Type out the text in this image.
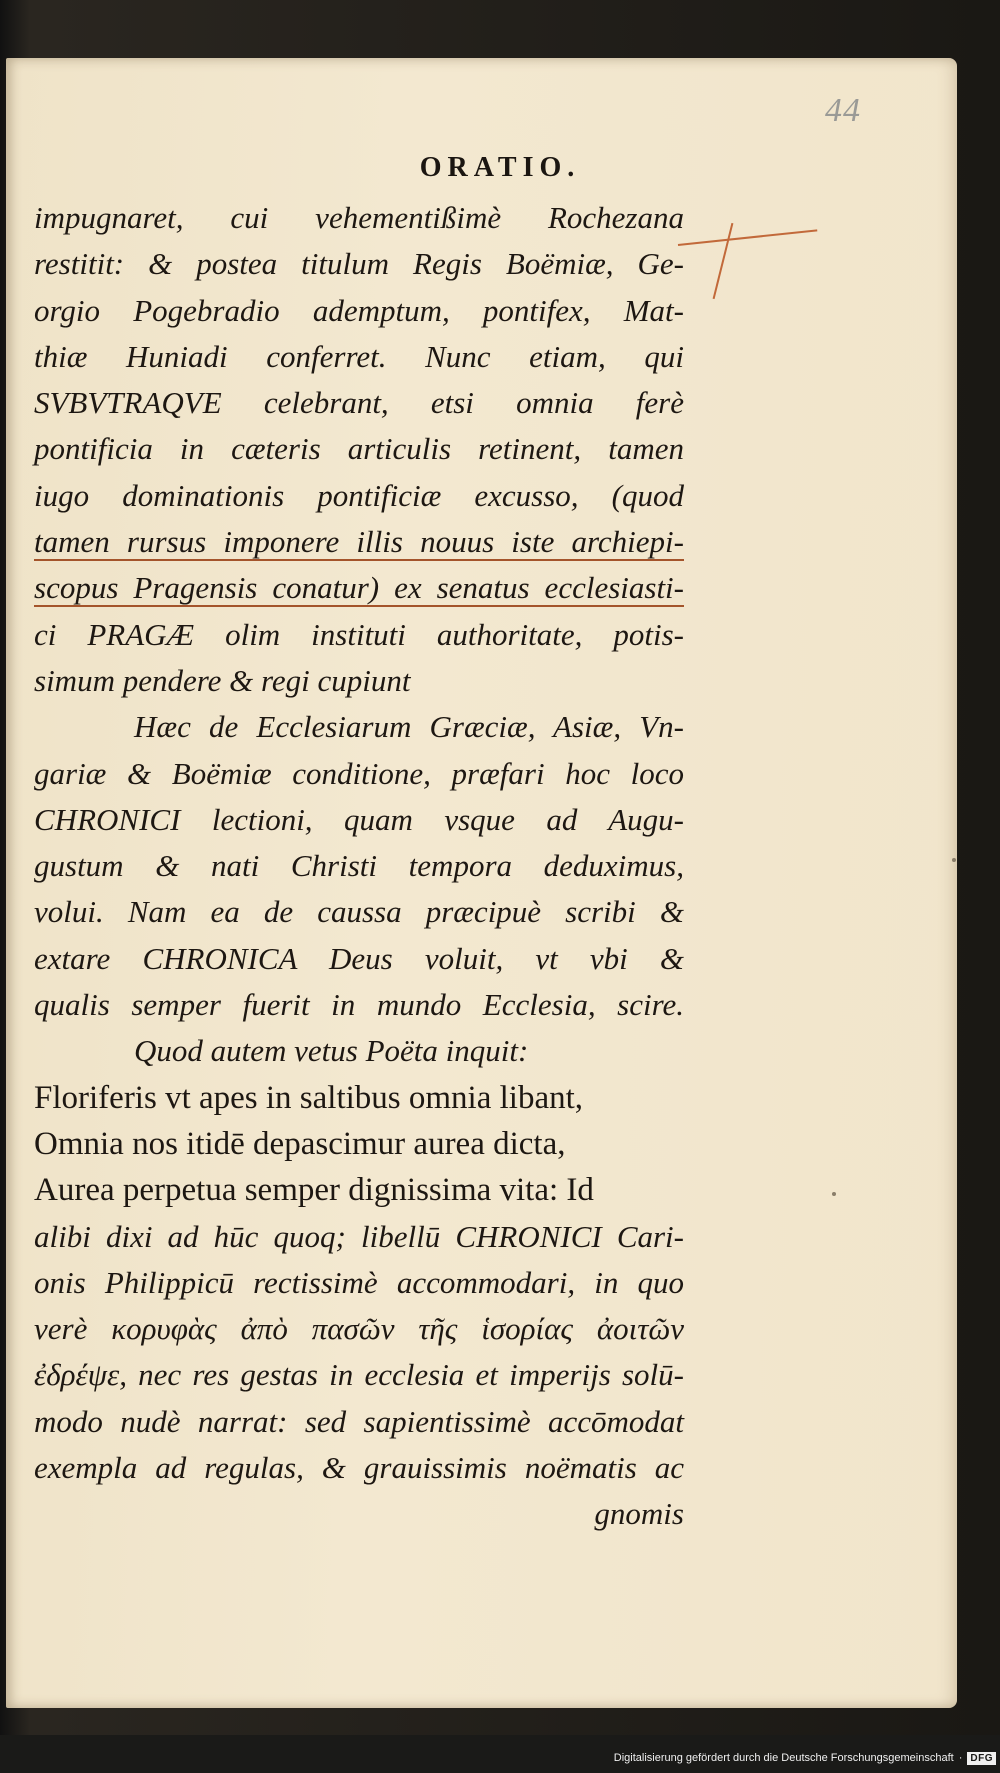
44
ORATIO.
impugnaret, cui vehementißimè Rochezana
restitit: & postea titulum Regis Boëmiæ, Ge-
orgio Pogebradio ademptum, pontifex, Mat-
thiæ Huniadi conferret. Nunc etiam, qui
SVBVTRAQVE celebrant, etsi omnia ferè
pontificia in cæteris articulis retinent, tamen
iugo dominationis pontificiæ excusso, (quod
tamen rursus imponere illis nouus iste archiepi-
scopus Pragensis conatur) ex senatus ecclesiasti-
ci PRAGÆ olim instituti authoritate, potis-
simum pendere & regi cupiunt
Hæc de Ecclesiarum Græciæ, Asiæ, Vn-
gariæ & Boëmiæ conditione, præfari hoc loco
CHRONICI lectioni, quam vsque ad Augu-
gustum & nati Christi tempora deduximus,
volui. Nam ea de caussa præcipuè scribi &
extare CHRONICA Deus voluit, vt vbi &
qualis semper fuerit in mundo Ecclesia, scire.
Quod autem vetus Poëta inquit:
Floriferis vt apes in saltibus omnia libant,
Omnia nos itidē depascimur aurea dicta,
Aurea perpetua semper dignissima vita: Id
alibi dixi ad hūc quoq; libellū CHRONICI Cari-
onis Philippicū rectissimè accommodari, in quo
verè κορυφὰς ἀπὸ πασῶν τῆς ἱσορίας ἀοιτῶν
ἐδρέψε, nec res gestas in ecclesia et imperijs solū-
modo nudè narrat: sed sapientissimè accōmodat
exempla ad regulas, & grauissimis noëmatis ac
gnomis
Digitalisierung gefördert durch die Deutsche Forschungsgemeinschaft · DFG
